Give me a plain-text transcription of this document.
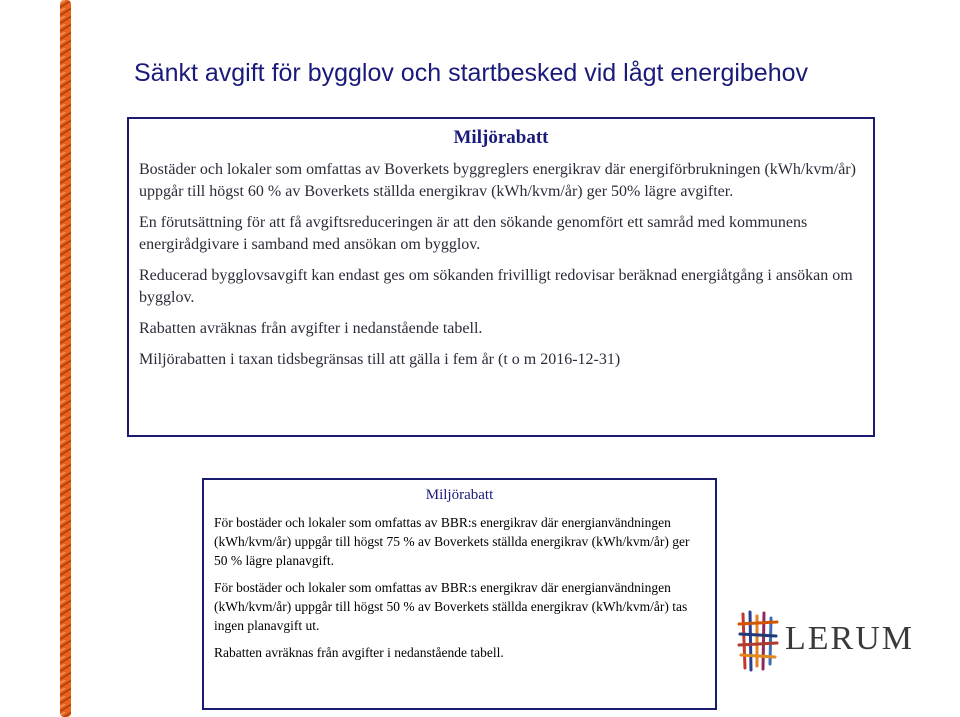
Sänkt avgift för bygglov och startbesked vid lågt energibehov
Miljörabatt

Bostäder och lokaler som omfattas av Boverkets byggreglers energikrav där energiförbrukningen (kWh/kvm/år) uppgår till högst 60 % av Boverkets ställda energikrav (kWh/kvm/år) ger 50% lägre avgifter.

En förutsättning för att få avgiftsreduceringen är att den sökande genomfört ett samråd med kommunens energirådgivare i samband med ansökan om bygglov.

Reducerad bygglovsavgift kan endast ges om sökanden frivilligt redovisar beräknad energiåtgång i ansökan om bygglov.

Rabatten avräknas från avgifter i nedanstående tabell.

Miljörabatten i taxan tidsbegränsas till att gälla i fem år (t o m 2016-12-31)

Miljörabatt

För bostäder och lokaler som omfattas av BBR:s energikrav där energianvändningen (kWh/kvm/år) uppgår till högst 75 % av Boverkets ställda energikrav (kWh/kvm/år) ger 50 % lägre planavgift.

För bostäder och lokaler som omfattas av BBR:s energikrav där energianvändningen (kWh/kvm/år) uppgår till högst 50 % av Boverkets ställda energikrav (kWh/kvm/år) tas ingen planavgift ut.

Rabatten avräknas från avgifter i nedanstående tabell.	LERUM
